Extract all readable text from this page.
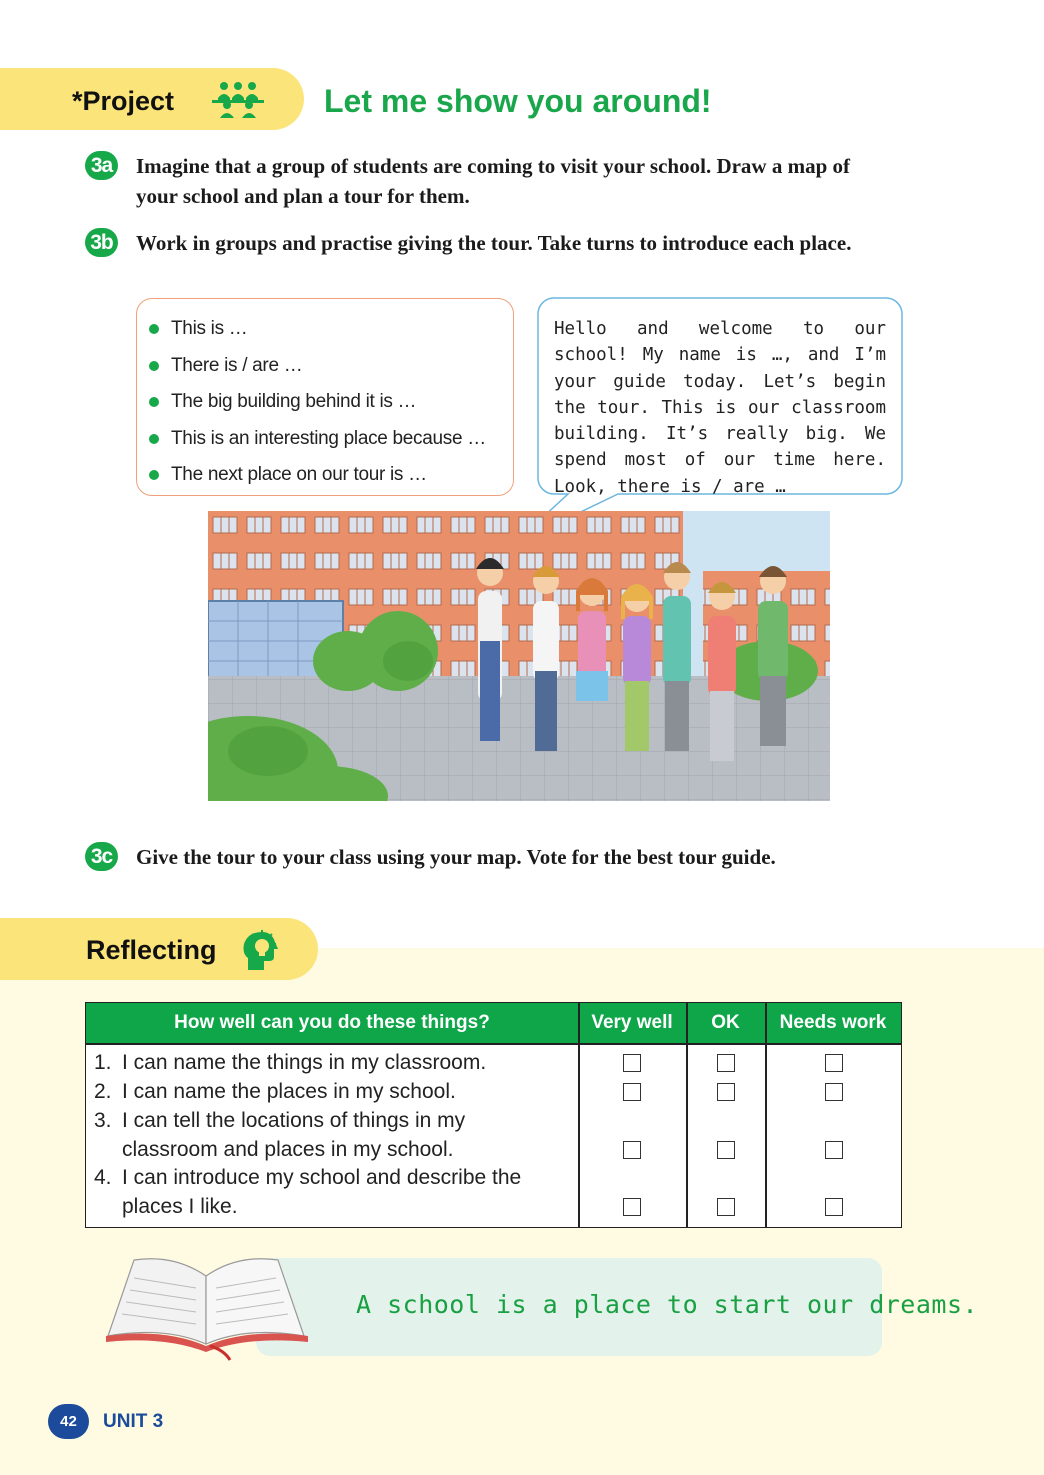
*Project	Let me show you around!
3a Imagine that a group of students are coming to visit your school. Draw a map of your school and plan a tour for them.
3b Work in groups and practise giving the tour. Take turns to introduce each place.
This is …
There is / are …
The big building behind it is …
This is an interesting place because …
The next place on our tour is …
Hello and welcome to our school! My name is …, and I’m your guide today. Let’s begin the tour. This is our classroom building. It’s really big. We spend most of our time here. Look, there is / are …
3c Give the tour to your class using your map. Vote for the best tour guide.
Reflecting
How well can you do these things?	Very well	OK	Needs work
1. I can name the things in my classroom.
2. I can name the places in my school.
3. I can tell the locations of things in my
classroom and places in my school.
4. I can introduce my school and describe the
places I like.
A school is a place to start our dreams.
42	UNIT 3
